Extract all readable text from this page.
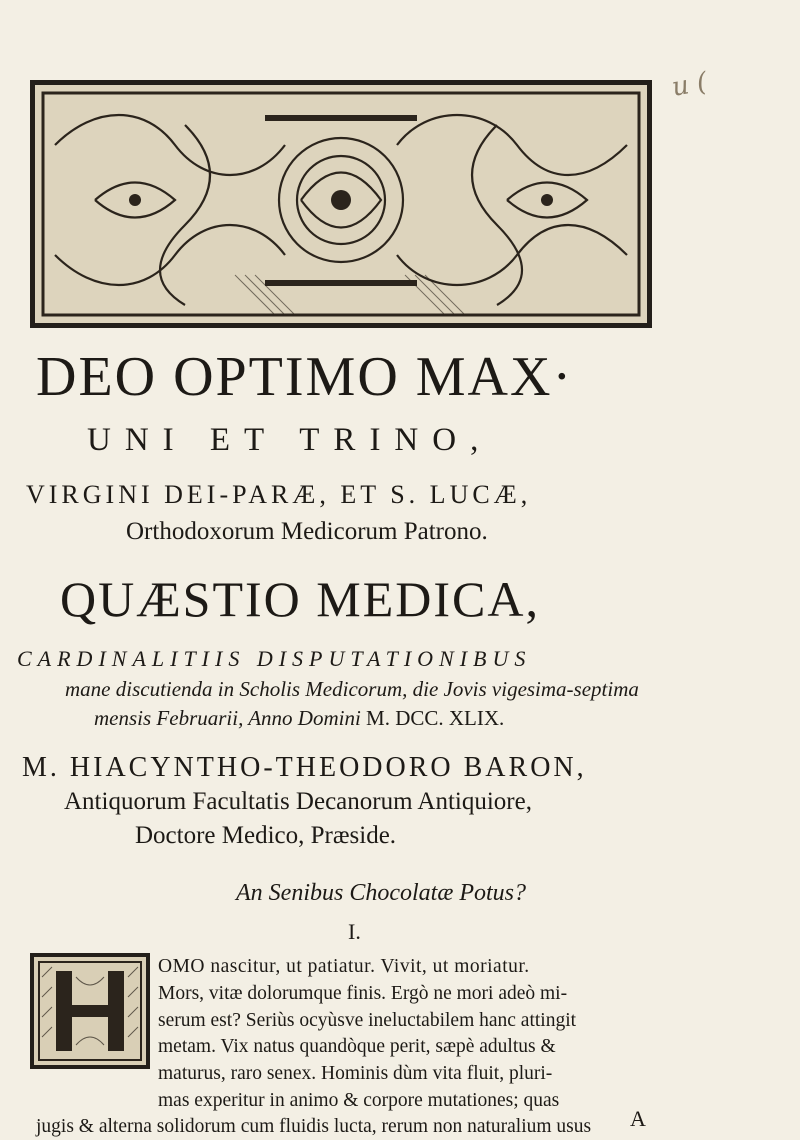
u (
DEO OPTIMO MAX·
UNI ET TRINO,
VIRGINI DEI-PARÆ, ET S. LUCÆ,
Orthodoxorum Medicorum Patrono.
QUÆSTIO MEDICA,
CARDINALITIIS DISPUTATIONIBUS
mane discutienda in Scholis Medicorum, die Jovis vigesima-septima
mensis Februarii, Anno Domini M. DCC. XLIX.
M. HIACYNTHO-THEODORO BARON,
Antiquorum Facultatis Decanorum Antiquiore,
Doctore Medico, Præside.
An Senibus Chocolatæ Potus?
I.
OMO nascitur, ut patiatur. Vivit, ut moriatur.
Mors, vitæ dolorumque finis. Ergò ne mori adeò mi-
serum est? Seriùs ocyùsve ineluctabilem hanc attingit
metam. Vix natus quandòque perit, sæpè adultus &
maturus, raro senex. Hominis dùm vita fluit, pluri-
mas experitur in animo & corpore mutationes; quas
jugis & alterna solidorum cum fluidis lucta, rerum non naturalium usus A
